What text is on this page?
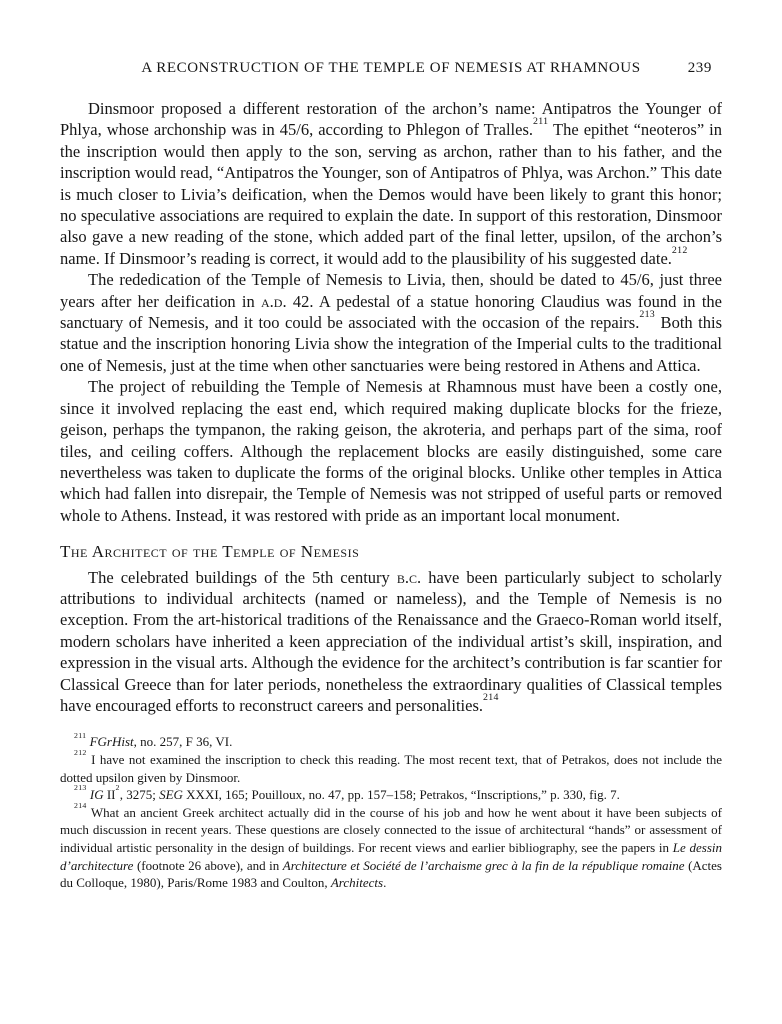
A RECONSTRUCTION OF THE TEMPLE OF NEMESIS AT RHAMNOUS	239

Dinsmoor proposed a different restoration of the archon’s name: Antipatros the Younger of Phlya, whose archonship was in 45/6, according to Phlegon of Tralles.$^{211}$ The epithet “neoteros” in the inscription would then apply to the son, serving as archon, rather than to his father, and the inscription would read, “Antipatros the Younger, son of Antipatros of Phlya, was Archon.” This date is much closer to Livia’s deification, when the Demos would have been likely to grant this honor; no speculative associations are required to explain the date. In support of this restoration, Dinsmoor also gave a new reading of the stone, which added part of the final letter, upsilon, of the archon’s name. If Dinsmoor’s reading is correct, it would add to the plausibility of his suggested date.$^{212}$

The rededication of the Temple of Nemesis to Livia, then, should be dated to 45/6, just three years after her deification in a.d. 42. A pedestal of a statue honoring Claudius was found in the sanctuary of Nemesis, and it too could be associated with the occasion of the repairs.$^{213}$ Both this statue and the inscription honoring Livia show the integration of the Imperial cults to the traditional one of Nemesis, just at the time when other sanctuaries were being restored in Athens and Attica.

The project of rebuilding the Temple of Nemesis at Rhamnous must have been a costly one, since it involved replacing the east end, which required making duplicate blocks for the frieze, geison, perhaps the tympanon, the raking geison, the akroteria, and perhaps part of the sima, roof tiles, and ceiling coffers. Although the replacement blocks are easily distinguished, some care nevertheless was taken to duplicate the forms of the original blocks. Unlike other temples in Attica which had fallen into disrepair, the Temple of Nemesis was not stripped of useful parts or removed whole to Athens. Instead, it was restored with pride as an important local monument.

The Architect of the Temple of Nemesis

The celebrated buildings of the 5th century b.c. have been particularly subject to scholarly attributions to individual architects (named or nameless), and the Temple of Nemesis is no exception. From the art-historical traditions of the Renaissance and the Graeco-Roman world itself, modern scholars have inherited a keen appreciation of the individual artist’s skill, inspiration, and expression in the visual arts. Although the evidence for the architect’s contribution is far scantier for Classical Greece than for later periods, nonetheless the extraordinary qualities of Classical temples have encouraged efforts to reconstruct careers and personalities.$^{214}$

$^{211}$ FGrHist, no. 257, F 36, VI.

$^{212}$ I have not examined the inscription to check this reading. The most recent text, that of Petrakos, does not include the dotted upsilon given by Dinsmoor.

$^{213}$ IG $II^2$, 3275; SEG XXXI, 165; Pouilloux, no. 47, pp. 157–158; Petrakos, “Inscriptions,” p. 330, fig. 7.

$^{214}$ What an ancient Greek architect actually did in the course of his job and how he went about it have been subjects of much discussion in recent years. These questions are closely connected to the issue of architectural “hands” or assessment of individual artistic personality in the design of buildings. For recent views and earlier bibliography, see the papers in Le dessin d’architecture (footnote 26 above), and in Architecture et Société de l’archaisme grec à la fin de la république romaine (Actes du Colloque, 1980), Paris/Rome 1983 and Coulton, Architects.
